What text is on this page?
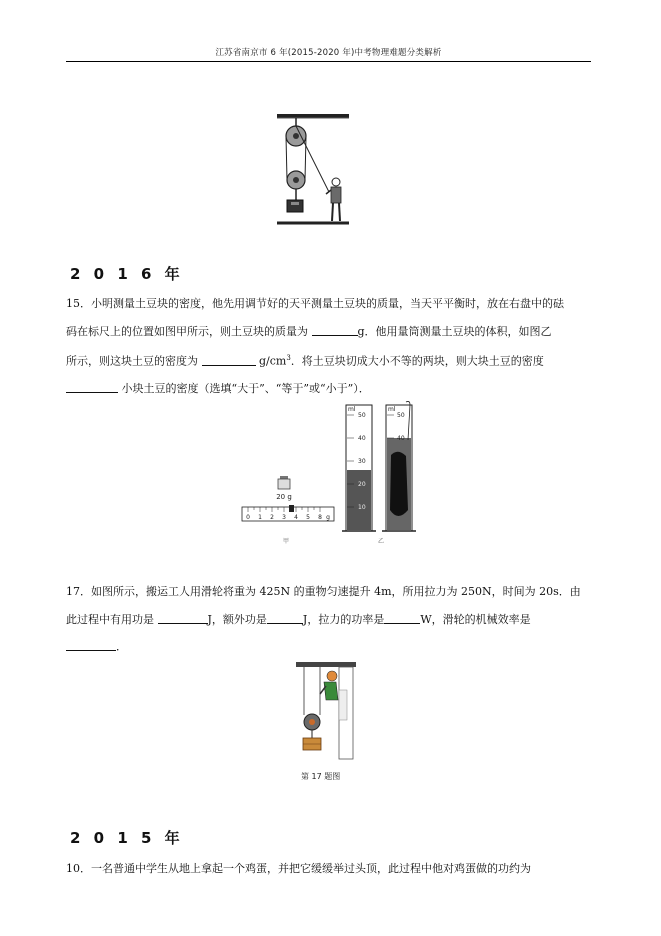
江苏省南京市 6 年(2015-2020 年)中考物理难题分类解析
2 0 1 6 年

15．小明测量土豆块的密度，他先用调节好的天平测量土豆块的质量，当天平平衡时，放在右盘中的砝

码在标尺上的位置如图甲所示，则土豆块的质量为	g．他用量筒测量土豆块的体积，如图乙

所示，则这块土豆的密度为	$g/cm^3$．将土豆块切成大小不等的两块，则大块土豆的密度

小块土豆的密度（选填“大于”、“等于”或“小于”）．

20 g
0 1 2 3 4 5 8 g
甲
ml
50
40
30
20
10
ml
50
40
乙

17．如图所示，搬运工人用滑轮将重为 425N 的重物匀速提升 4m，所用拉力为 250N，时间为 20s．由

此过程中有用功是	J，额外功是	J，拉力的功率是	W，滑轮的机械效率是

．

第 17 题图
2 0 1 5 年

10．一名普通中学生从地上拿起一个鸡蛋，并把它缓缓举过头顶，此过程中他对鸡蛋做的功约为
